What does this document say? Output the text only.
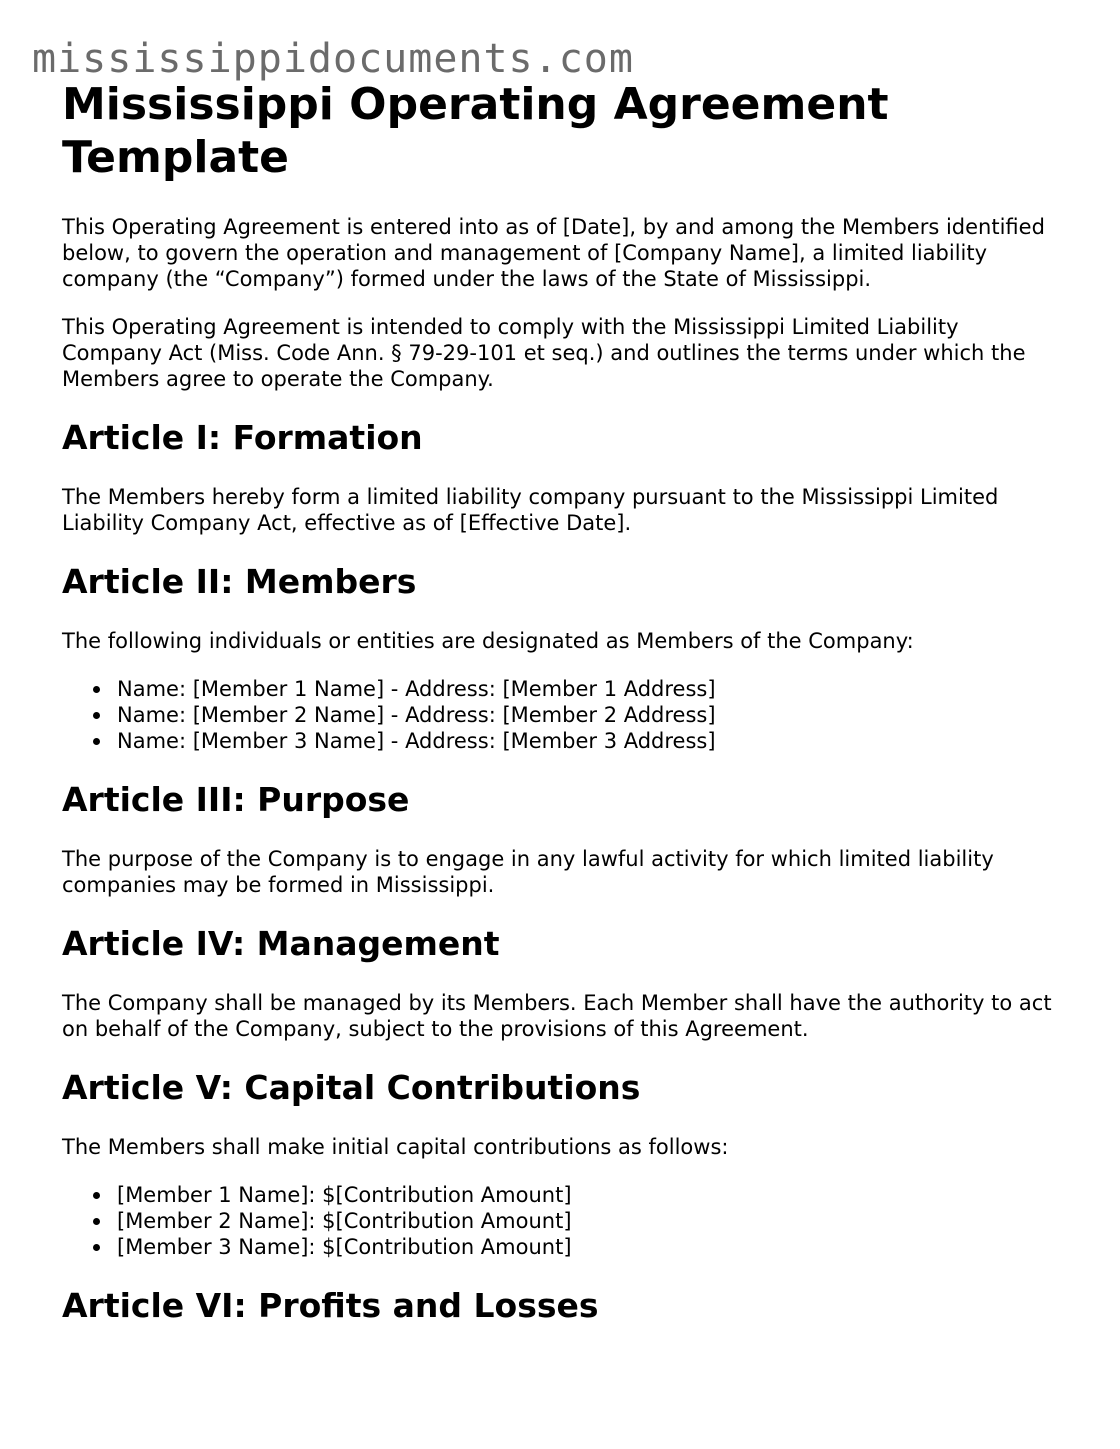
mississippidocuments.com
Mississippi Operating Agreement Template

This Operating Agreement is entered into as of [Date], by and among the Members identified below, to govern the operation and management of [Company Name], a limited liability company (the “Company”) formed under the laws of the State of Mississippi.

This Operating Agreement is intended to comply with the Mississippi Limited Liability Company Act (Miss. Code Ann. § 79-29-101 et seq.) and outlines the terms under which the Members agree to operate the Company.

Article I: Formation

The Members hereby form a limited liability company pursuant to the Mississippi Limited Liability Company Act, effective as of [Effective Date].

Article II: Members

The following individuals or entities are designated as Members of the Company:

Name: [Member 1 Name] - Address: [Member 1 Address]
Name: [Member 2 Name] - Address: [Member 2 Address]
Name: [Member 3 Name] - Address: [Member 3 Address]
Article III: Purpose

The purpose of the Company is to engage in any lawful activity for which limited liability companies may be formed in Mississippi.

Article IV: Management

The Company shall be managed by its Members. Each Member shall have the authority to act on behalf of the Company, subject to the provisions of this Agreement.

Article V: Capital Contributions

The Members shall make initial capital contributions as follows:

[Member 1 Name]: $[Contribution Amount]
[Member 2 Name]: $[Contribution Amount]
[Member 3 Name]: $[Contribution Amount]
Article VI: Profits and Losses
